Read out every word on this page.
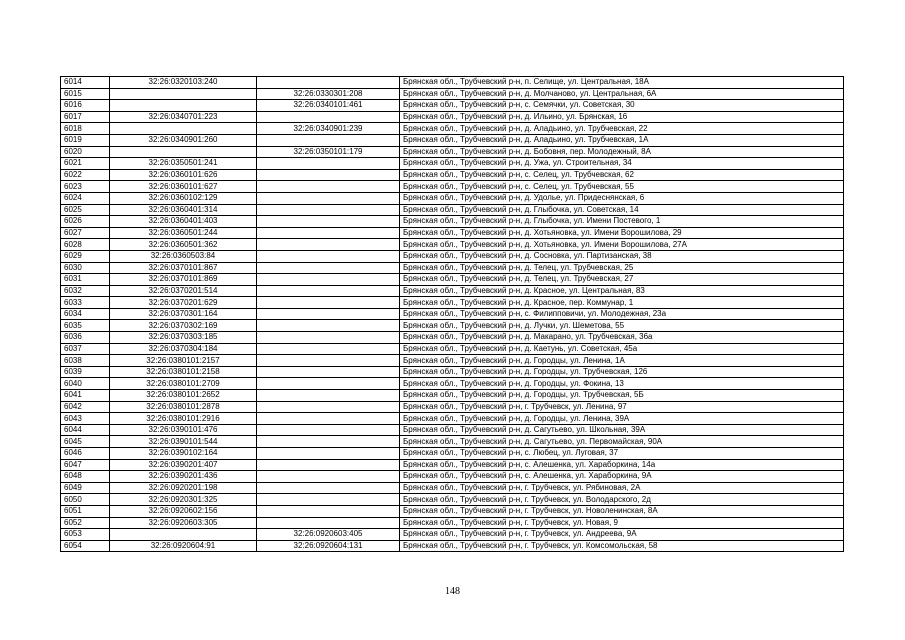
6014	32:26:0320103:240		Брянская обл., Трубчевский р-н, п. Селище, ул. Центральная, 18А
6015		32:26:0330301:208	Брянская обл., Трубчевский р-н, д. Молчаново, ул. Центральная, 6А
6016		32:26:0340101:461	Брянская обл., Трубчевский р-н, с. Семячки, ул. Советская, 30
6017	32:26:0340701:223		Брянская обл., Трубчевский р-н, д. Ильино, ул. Брянская, 16
6018		32:26:0340901:239	Брянская обл., Трубчевский р-н, д. Аладьино, ул. Трубчевская, 22
6019	32:26:0340901:260		Брянская обл., Трубчевский р-н, д. Аладьино, ул. Трубчевская, 1А
6020		32:26:0350101:179	Брянская обл., Трубчевский р-н, д. Бобовня, пер. Молодежный, 8А
6021	32:26:0350501:241		Брянская обл., Трубчевский р-н, д. Ужа, ул. Строительная, 34
6022	32:26:0360101:626		Брянская обл., Трубчевский р-н, с. Селец, ул. Трубчевская, 62
6023	32:26:0360101:627		Брянская обл., Трубчевский р-н, с. Селец, ул. Трубчевская, 55
6024	32:26:0360102:129		Брянская обл., Трубчевский р-н, д. Удолье, ул. Придеснянская, 6
6025	32:26:0360401:314		Брянская обл., Трубчевский р-н, д. Глыбочка, ул. Советская, 14
6026	32:26:0360401:403		Брянская обл., Трубчевский р-н, д. Глыбочка, ул. Имени Постевого, 1
6027	32:26:0360501:244		Брянская обл., Трубчевский р-н, д. Хотьяновка, ул. Имени Ворошилова, 29
6028	32:26:0360501:362		Брянская обл., Трубчевский р-н, д. Хотьяновка, ул. Имени Ворошилова, 27А
6029	32:26:0360503:84		Брянская обл., Трубчевский р-н, д. Сосновка, ул. Партизанская, 38
6030	32:26:0370101:867		Брянская обл., Трубчевский р-н, д. Телец, ул. Трубчевская, 25
6031	32:26:0370101:869		Брянская обл., Трубчевский р-н, д. Телец, ул. Трубчевская, 27
6032	32:26:0370201:514		Брянская обл., Трубчевский р-н, д. Красное, ул. Центральная, 83
6033	32:26:0370201:629		Брянская обл., Трубчевский р-н, д. Красное, пер. Коммунар, 1
6034	32:26:0370301:164		Брянская обл., Трубчевский р-н, с. Филипповичи, ул. Молодежная, 23а
6035	32:26:0370302:169		Брянская обл., Трубчевский р-н, д. Лучки, ул. Шеметова, 55
6036	32:26:0370303:185		Брянская обл., Трубчевский р-н, д. Макарано, ул. Трубчевская, 36а
6037	32:26:0370304:184		Брянская обл., Трубчевский р-н, д. Каетунь, ул. Советская, 45а
6038	32:26:0380101:2157		Брянская обл., Трубчевский р-н, д. Городцы, ул. Ленина, 1А
6039	32:26:0380101:2158		Брянская обл., Трубчевский р-н, д. Городцы, ул. Трубчевская, 126
6040	32:26:0380101:2709		Брянская обл., Трубчевский р-н, д. Городцы, ул. Фокина, 13
6041	32:26:0380101:2652		Брянская обл., Трубчевский р-н, д. Городцы, ул. Трубчевская, 5Б
6042	32:26:0380101:2878		Брянская обл., Трубчевский р-н, г. Трубчевск, ул. Ленина, 97
6043	32:26:0380101:2916		Брянская обл., Трубчевский р-н, д. Городцы, ул. Ленина, 39А
6044	32:26:0390101:476		Брянская обл., Трубчевский р-н, д. Сагутьево, ул. Школьная, 39А
6045	32:26:0390101:544		Брянская обл., Трубчевский р-н, д. Сагутьево, ул. Первомайская, 90А
6046	32:26:0390102:164		Брянская обл., Трубчевский р-н, с. Любец, ул. Луговая, 37
6047	32:26:0390201:407		Брянская обл., Трубчевский р-н, с. Алешенка, ул. Харабоpкина, 14а
6048	32:26:0390201:436		Брянская обл., Трубчевский р-н, с. Алешенка, ул. Харабоpкина, 9А
6049	32:26:0920201:198		Брянская обл., Трубчевский р-н, г. Трубчевск, ул. Рябиновая, 2А
6050	32:26:0920301:325		Брянская обл., Трубчевский р-н, г. Трубчевск, ул. Володарского, 2д
6051	32:26:0920602:156		Брянская обл., Трубчевский р-н, г. Трубчевск, ул. Новоленинская, 8А
6052	32:26:0920603:305		Брянская обл., Трубчевский р-н, г. Трубчевск, ул. Новая, 9
6053		32:26:0920603:405	Брянская обл., Трубчевский р-н, г. Трубчевск, ул. Андреева, 9А
6054	32:26:0920604:91	32:26:0920604:131	Брянская обл., Трубчевский р-н, г. Трубчевск, ул. Комсомольская, 58
148
